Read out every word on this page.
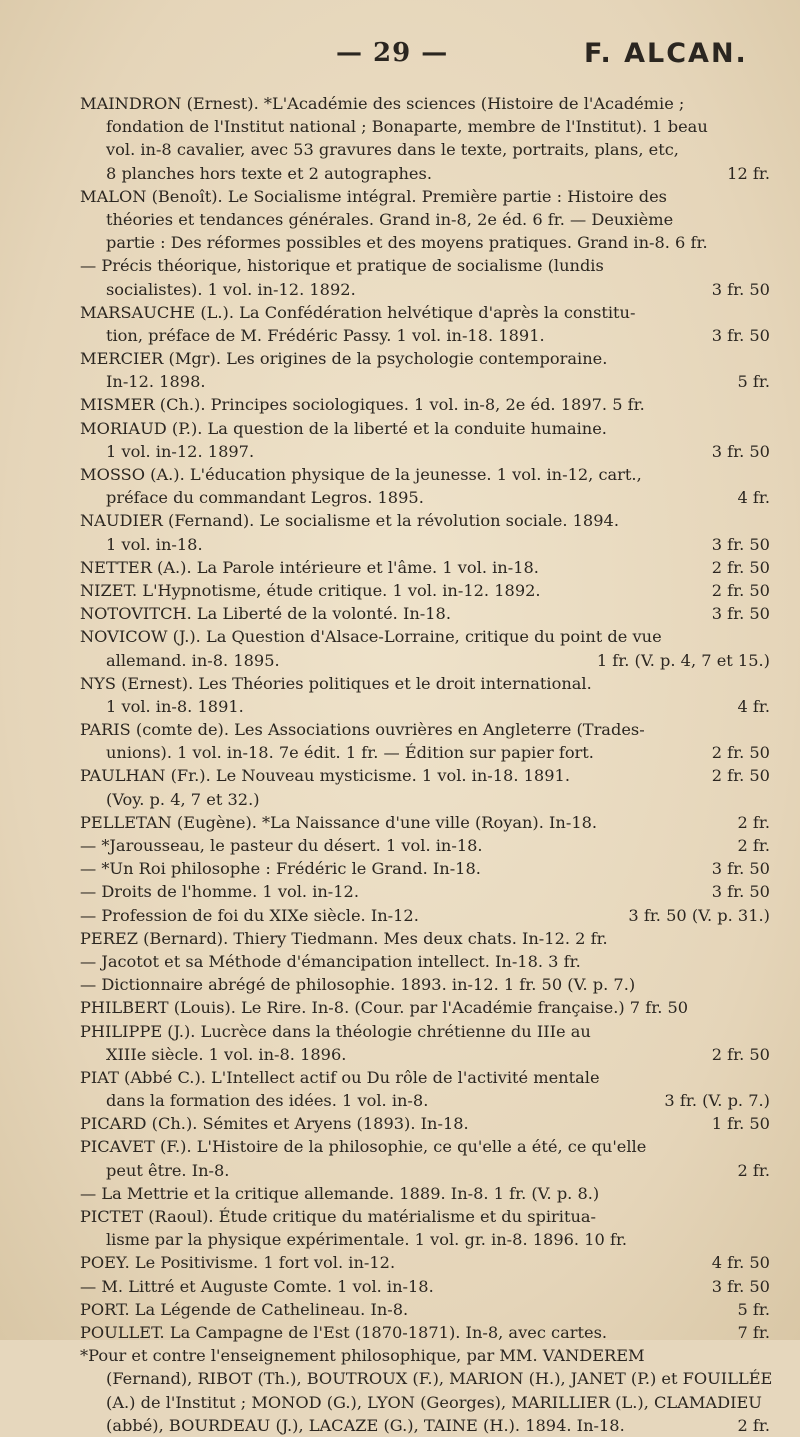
— 29 —	F. ALCAN.
MAINDRON (Ernest). *L'Académie des sciences (Histoire de l'Académie ;
fondation de l'Institut national ; Bonaparte, membre de l'Institut). 1 beau
vol. in-8 cavalier, avec 53 gravures dans le texte, portraits, plans, etc,
8 planches hors texte et 2 autographes.	12 fr.
MALON (Benoît). Le Socialisme intégral. Première partie : Histoire des
théories et tendances générales. Grand in-8, 2e éd. 6 fr. — Deuxième
partie : Des réformes possibles et des moyens pratiques. Grand in-8. 6 fr.
— Précis théorique, historique et pratique de socialisme (lundis
socialistes). 1 vol. in-12. 1892.	3 fr. 50
MARSAUCHE (L.). La Confédération helvétique d'après la constitu-
tion, préface de M. Frédéric Passy. 1 vol. in-18. 1891.	3 fr. 50
MERCIER (Mgr). Les origines de la psychologie contemporaine.
In-12. 1898.	5 fr.
MISMER (Ch.). Principes sociologiques. 1 vol. in-8, 2e éd. 1897. 5 fr.
MORIAUD (P.). La question de la liberté et la conduite humaine.
1 vol. in-12. 1897.	3 fr. 50
MOSSO (A.). L'éducation physique de la jeunesse. 1 vol. in-12, cart.,
préface du commandant Legros. 1895.	4 fr.
NAUDIER (Fernand). Le socialisme et la révolution sociale. 1894.
1 vol. in-18.	3 fr. 50
NETTER (A.). La Parole intérieure et l'âme. 1 vol. in-18.	2 fr. 50
NIZET. L'Hypnotisme, étude critique. 1 vol. in-12. 1892.	2 fr. 50
NOTOVITCH. La Liberté de la volonté. In-18.	3 fr. 50
NOVICOW (J.). La Question d'Alsace-Lorraine, critique du point de vue
allemand. in-8. 1895.	1 fr. (V. p. 4, 7 et 15.)
NYS (Ernest). Les Théories politiques et le droit international.
1 vol. in-8. 1891.	4 fr.
PARIS (comte de). Les Associations ouvrières en Angleterre (Trades-
unions). 1 vol. in-18. 7e édit. 1 fr. — Édition sur papier fort.	2 fr. 50
PAULHAN (Fr.). Le Nouveau mysticisme. 1 vol. in-18. 1891.	2 fr. 50
(Voy. p. 4, 7 et 32.)
PELLETAN (Eugène). *La Naissance d'une ville (Royan). In-18.	2 fr.
— *Jarousseau, le pasteur du désert. 1 vol. in-18.	2 fr.
— *Un Roi philosophe : Frédéric le Grand. In-18.	3 fr. 50
— Droits de l'homme. 1 vol. in-12.	3 fr. 50
— Profession de foi du XIXe siècle. In-12.	3 fr. 50 (V. p. 31.)
PEREZ (Bernard). Thiery Tiedmann. Mes deux chats. In-12. 2 fr.
— Jacotot et sa Méthode d'émancipation intellect. In-18. 3 fr.
— Dictionnaire abrégé de philosophie. 1893. in-12. 1 fr. 50 (V. p. 7.)
PHILBERT (Louis). Le Rire. In-8. (Cour. par l'Académie française.) 7 fr. 50
PHILIPPE (J.). Lucrèce dans la théologie chrétienne du IIIe au
XIIIe siècle. 1 vol. in-8. 1896.	2 fr. 50
PIAT (Abbé C.). L'Intellect actif ou Du rôle de l'activité mentale
dans la formation des idées. 1 vol. in-8.	3 fr. (V. p. 7.)
PICARD (Ch.). Sémites et Aryens (1893). In-18.	1 fr. 50
PICAVET (F.). L'Histoire de la philosophie, ce qu'elle a été, ce qu'elle
peut être. In-8.	2 fr.
— La Mettrie et la critique allemande. 1889. In-8. 1 fr. (V. p. 8.)
PICTET (Raoul). Étude critique du matérialisme et du spiritua-
lisme par la physique expérimentale. 1 vol. gr. in-8. 1896. 10 fr.
POEY. Le Positivisme. 1 fort vol. in-12.	4 fr. 50
— M. Littré et Auguste Comte. 1 vol. in-18.	3 fr. 50
PORT. La Légende de Cathelineau. In-8.	5 fr.
POULLET. La Campagne de l'Est (1870-1871). In-8, avec cartes.	7 fr.
*Pour et contre l'enseignement philosophique, par MM. VANDEREM
(Fernand), RIBOT (Th.), BOUTROUX (F.), MARION (H.), JANET (P.) et FOUILLÉE
(A.) de l'Institut ; MONOD (G.), LYON (Georges), MARILLIER (L.), CLAMADIEU
(abbé), BOURDEAU (J.), LACAZE (G.), TAINE (H.). 1894. In-18.	2 fr.
